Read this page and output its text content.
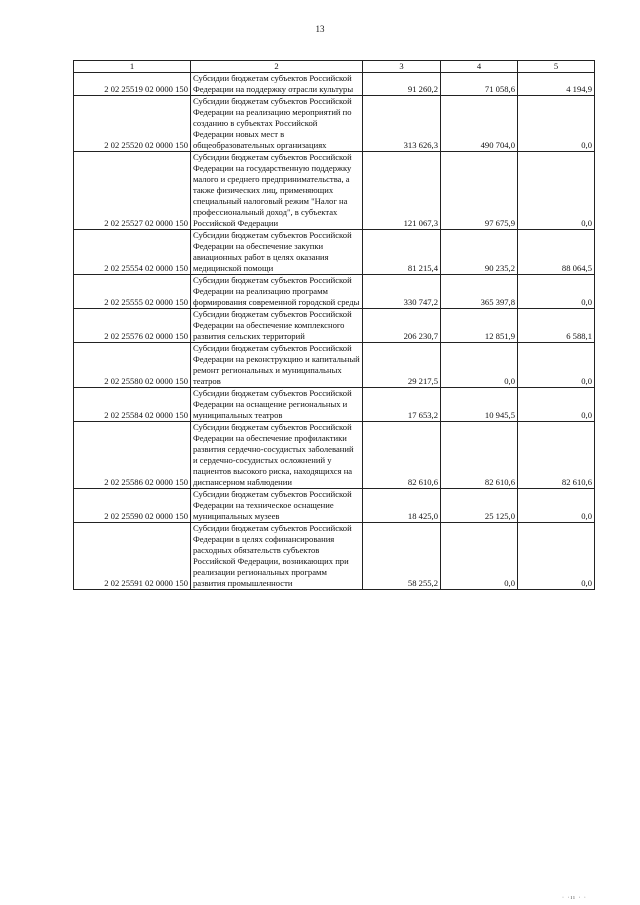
13
1	2	3	4	5
2 02 25519 02 0000 150	Субсидии бюджетам субъектов Российской Федерации на поддержку отрасли культуры	91 260,2	71 058,6	4 194,9
2 02 25520 02 0000 150	Субсидии бюджетам субъектов Российской Федерации на реализацию мероприятий по созданию в субъектах Российской Федерации новых мест в общеобразовательных организациях	313 626,3	490 704,0	0,0
2 02 25527 02 0000 150	Субсидии бюджетам субъектов Российской Федерации на государственную поддержку малого и среднего предпринимательства, а также физических лиц, применяющих специальный налоговый режим "Налог на профессиональный доход", в субъектах Российской Федерации	121 067,3	97 675,9	0,0
2 02 25554 02 0000 150	Субсидии бюджетам субъектов Российской Федерации на обеспечение закупки авиационных работ в целях оказания медицинской помощи	81 215,4	90 235,2	88 064,5
2 02 25555 02 0000 150	Субсидии бюджетам субъектов Российской Федерации на реализацию программ формирования современной городской среды	330 747,2	365 397,8	0,0
2 02 25576 02 0000 150	Субсидии бюджетам субъектов Российской Федерации на обеспечение комплексного развития сельских территорий	206 230,7	12 851,9	6 588,1
2 02 25580 02 0000 150	Субсидии бюджетам субъектов Российской Федерации на реконструкцию и капитальный ремонт региональных и муниципальных театров	29 217,5	0,0	0,0
2 02 25584 02 0000 150	Субсидии бюджетам субъектов Российской Федерации на оснащение региональных и муниципальных театров	17 653,2	10 945,5	0,0
2 02 25586 02 0000 150	Субсидии бюджетам субъектов Российской Федерации на обеспечение профилактики развития сердечно-сосудистых заболеваний и сердечно-сосудистых осложнений у пациентов высокого риска, находящихся на диспансерном наблюдении	82 610,6	82 610,6	82 610,6
2 02 25590 02 0000 150	Субсидии бюджетам субъектов Российской Федерации на техническое оснащение муниципальных музеев	18 425,0	25 125,0	0,0
2 02 25591 02 0000 150	Субсидии бюджетам субъектов Российской Федерации в целях софинансирования расходных обязательств субъектов Российской Федерации, возникающих при реализации региональных программ развития промышленности	58 255,2	0,0	0,0
· ·ıı · ·
